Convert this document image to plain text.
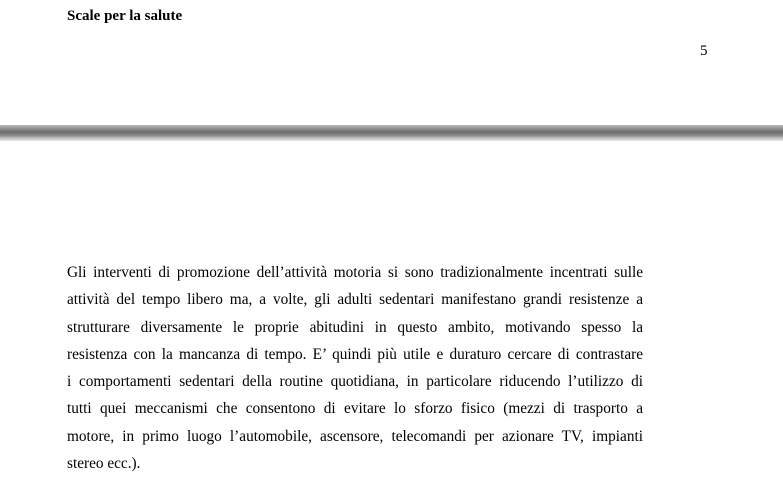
Scale per la salute
5
Gli interventi di promozione dell’attività motoria si sono tradizionalmente incentrati sulle
attività del tempo libero ma, a volte, gli adulti sedentari manifestano grandi resistenze a
strutturare diversamente le proprie abitudini in questo ambito, motivando spesso la
resistenza con la mancanza di tempo. E’ quindi più utile e duraturo cercare di contrastare
i comportamenti sedentari della routine quotidiana, in particolare riducendo l’utilizzo di
tutti quei meccanismi che consentono di evitare lo sforzo fisico (mezzi di trasporto a
motore, in primo luogo l’automobile, ascensore, telecomandi per azionare TV, impianti
stereo ecc.).
